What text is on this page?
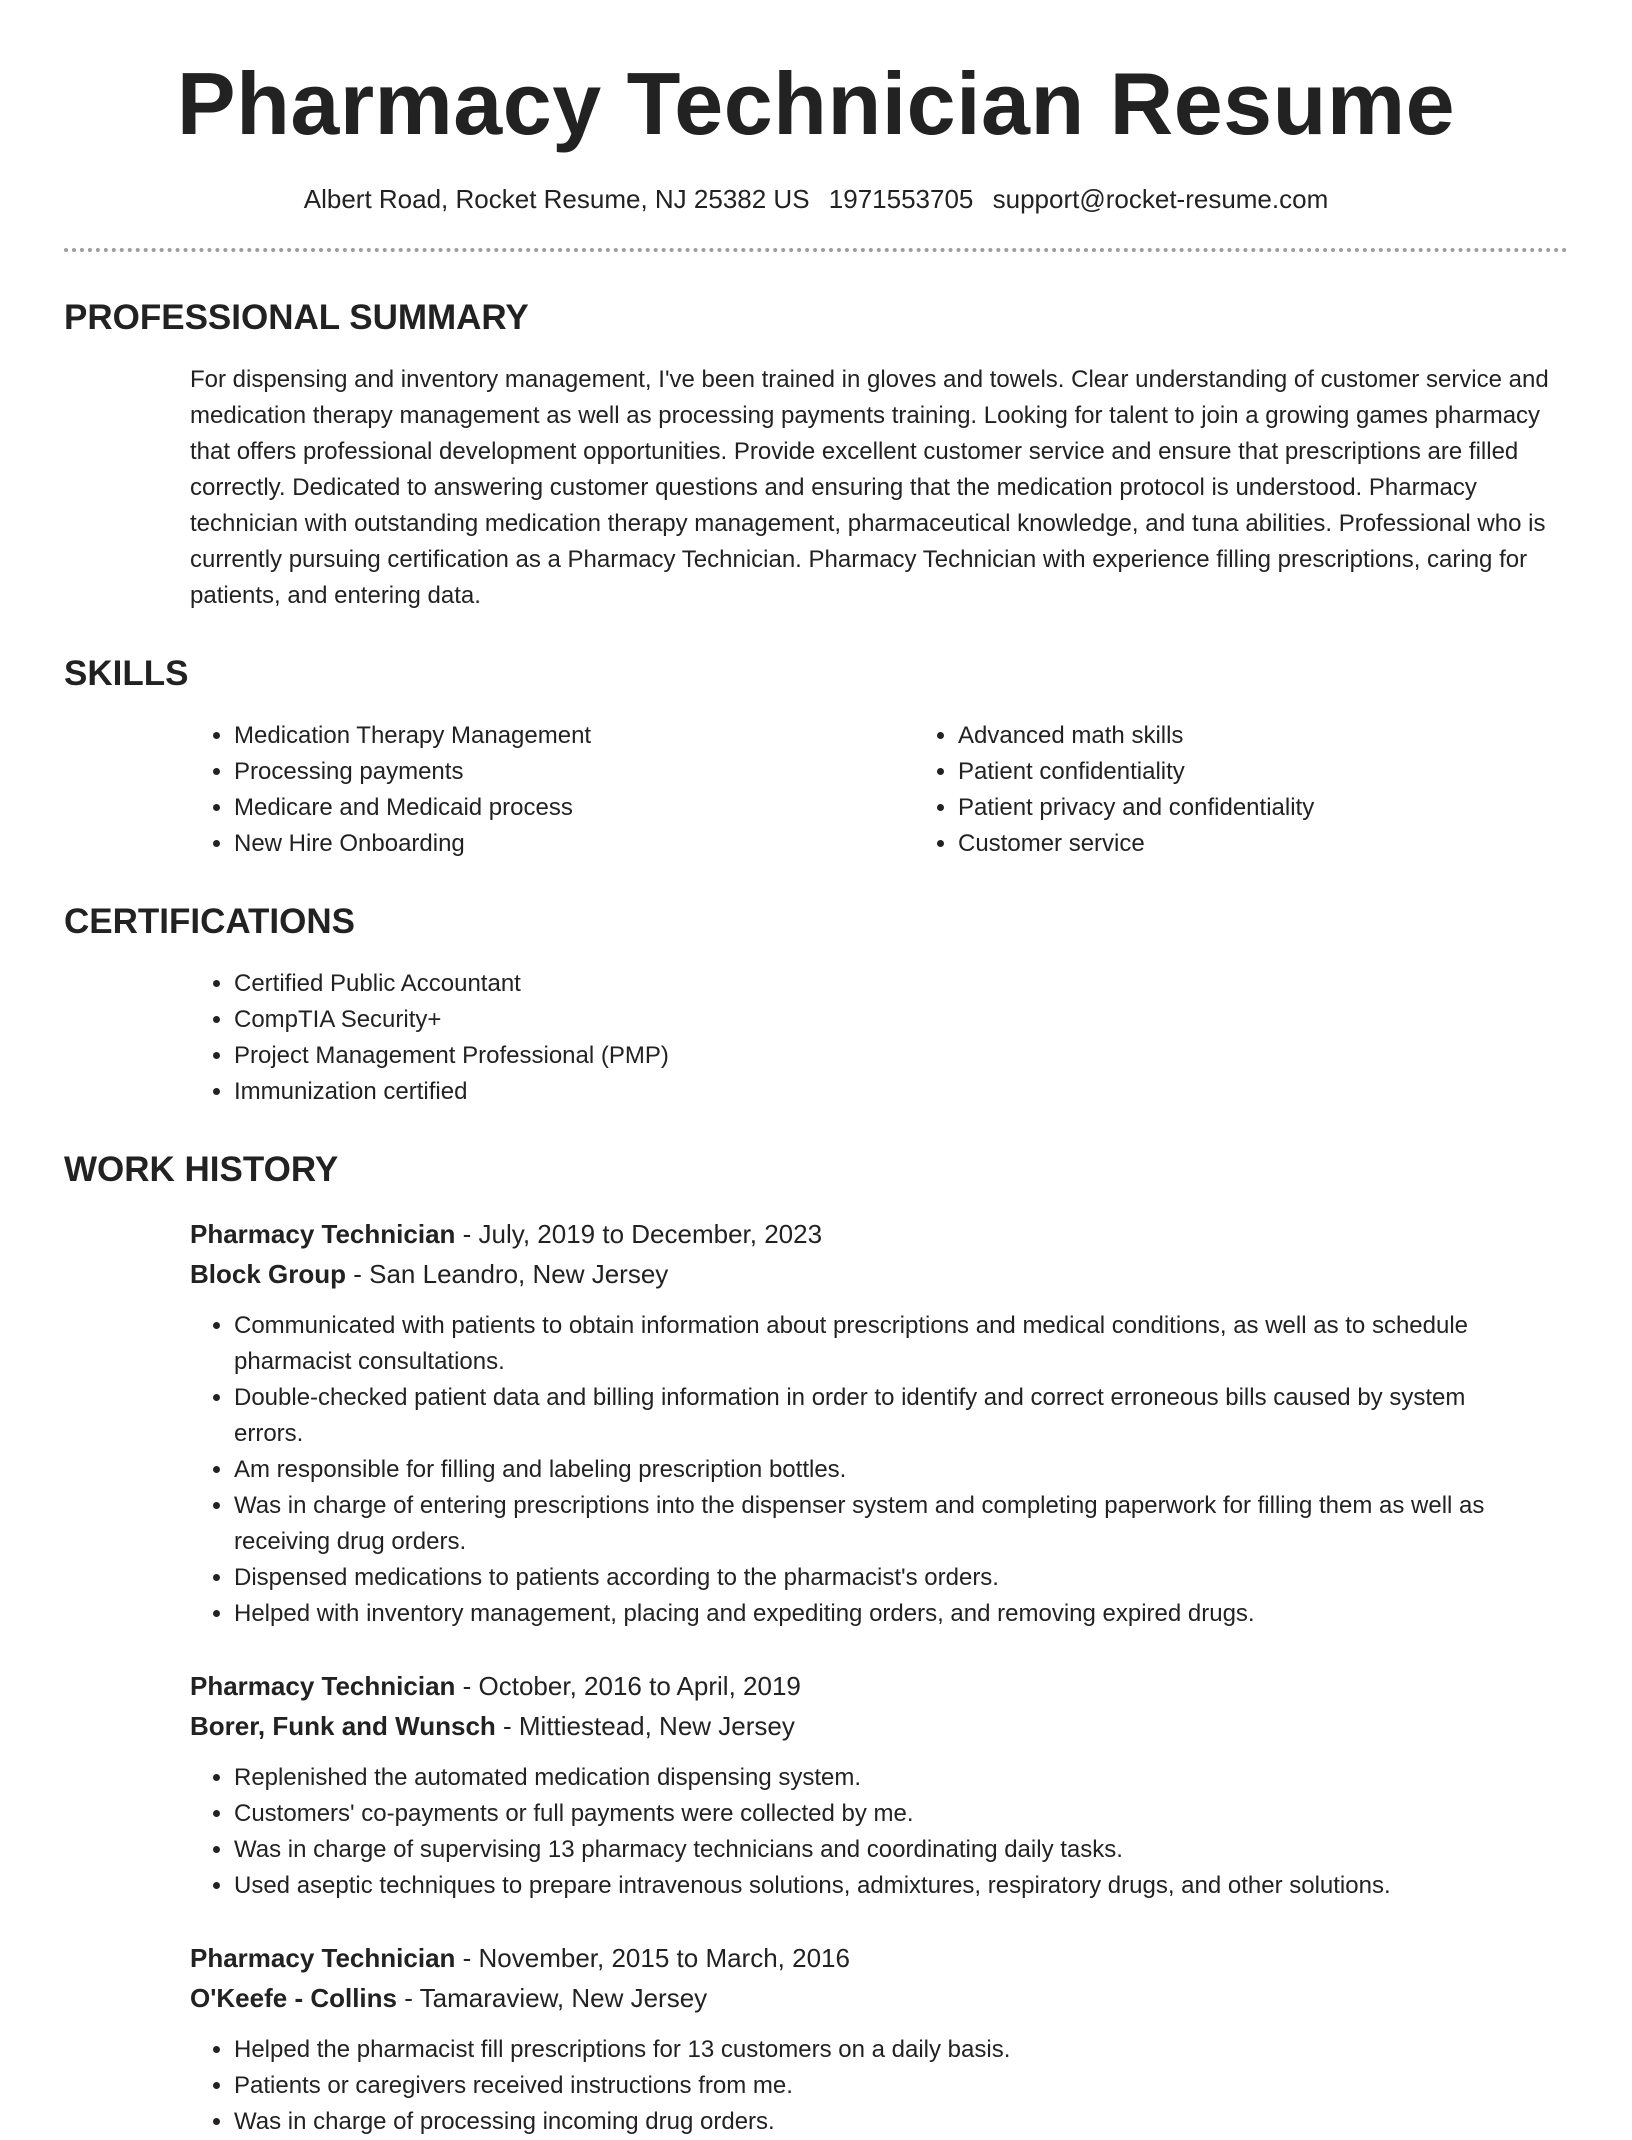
Pharmacy Technician Resume
Albert Road, Rocket Resume, NJ 25382 US 1971553705 support@rocket-resume.com
PROFESSIONAL SUMMARY

For dispensing and inventory management, I've been trained in gloves and towels. Clear understanding of customer service and medication therapy management as well as processing payments training. Looking for talent to join a growing games pharmacy that offers professional development opportunities. Provide excellent customer service and ensure that prescriptions are filled correctly. Dedicated to answering customer questions and ensuring that the medication protocol is understood. Pharmacy technician with outstanding medication therapy management, pharmaceutical knowledge, and tuna abilities. Professional who is currently pursuing certification as a Pharmacy Technician. Pharmacy Technician with experience filling prescriptions, caring for patients, and entering data.

SKILLS
• Medication Therapy Management
• Processing payments
• Medicare and Medicaid process
• New Hire Onboarding
• Advanced math skills
• Patient confidentiality
• Patient privacy and confidentiality
• Customer service
CERTIFICATIONS
• Certified Public Accountant
• CompTIA Security+
• Project Management Professional (PMP)
• Immunization certified
WORK HISTORY
Pharmacy Technician - July, 2019 to December, 2023
Block Group - San Leandro, New Jersey
• Communicated with patients to obtain information about prescriptions and medical conditions, as well as to schedule pharmacist consultations.
• Double-checked patient data and billing information in order to identify and correct erroneous bills caused by system errors.
• Am responsible for filling and labeling prescription bottles.
• Was in charge of entering prescriptions into the dispenser system and completing paperwork for filling them as well as receiving drug orders.
• Dispensed medications to patients according to the pharmacist's orders.
• Helped with inventory management, placing and expediting orders, and removing expired drugs.
Pharmacy Technician - October, 2016 to April, 2019
Borer, Funk and Wunsch - Mittiestead, New Jersey
• Replenished the automated medication dispensing system.
• Customers' co-payments or full payments were collected by me.
• Was in charge of supervising 13 pharmacy technicians and coordinating daily tasks.
• Used aseptic techniques to prepare intravenous solutions, admixtures, respiratory drugs, and other solutions.
Pharmacy Technician - November, 2015 to March, 2016
O'Keefe - Collins - Tamaraview, New Jersey
• Helped the pharmacist fill prescriptions for 13 customers on a daily basis.
• Patients or caregivers received instructions from me.
• Was in charge of processing incoming drug orders.
